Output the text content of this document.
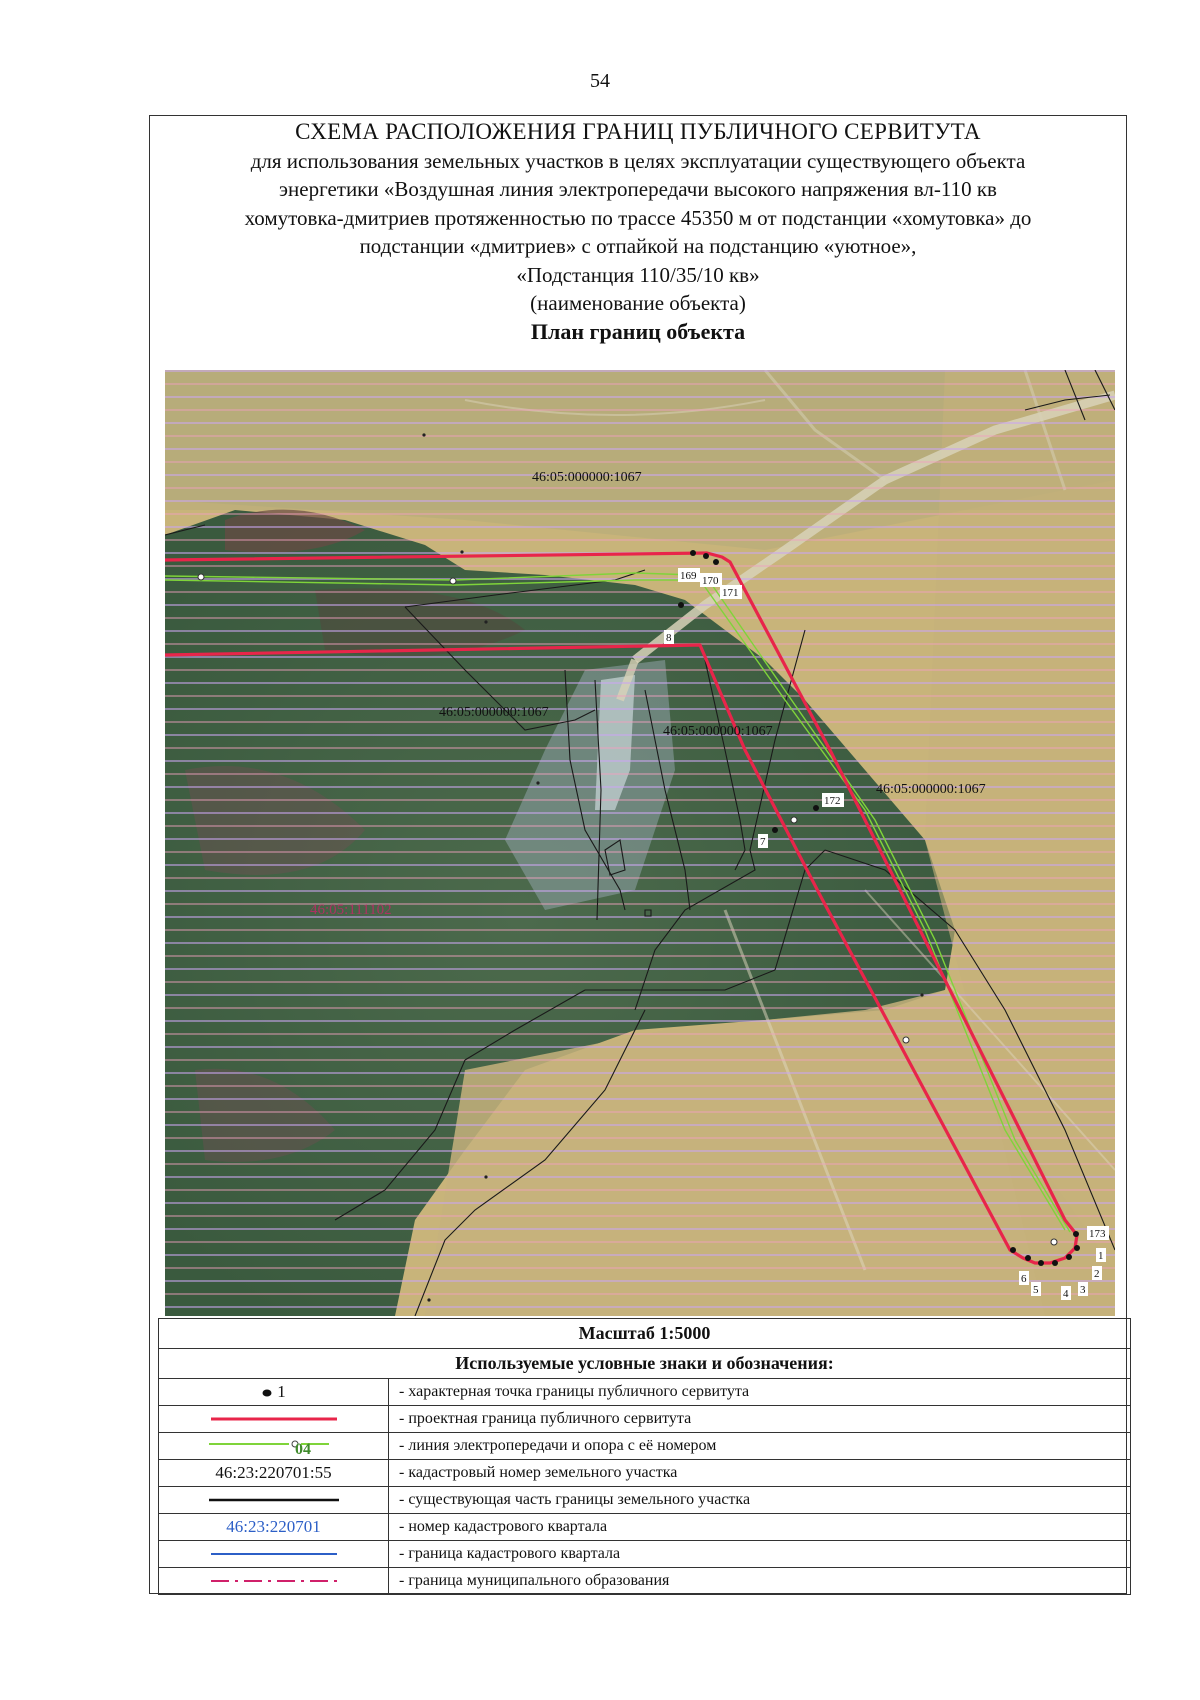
54
СХЕМА РАСПОЛОЖЕНИЯ ГРАНИЦ ПУБЛИЧНОГО СЕРВИТУТА
для использования земельных участков в целях эксплуатации существующего объекта
энергетики «Воздушная линия электропередачи высокого напряжения вл-110 кв
хомутовка-дмитриев протяженностью по трассе 45350 м от подстанции «хомутовка» до
подстанции «дмитриев» с отпайкой на подстанцию «уютное»,
«Подстанция 110/35/10 кв»
(наименование объекта)
План границ объекта
46:05:000000:1067
46:05:000000:1067
46:05:000000:1067
46:05:000000:1067
46:05:111102
169 170
171
8
172
7
173
1
2
3
4
5
6
Масштаб 1:5000	
Используемые условные знаки и обозначения:	
1	- характерная точка границы публичного сервитута
	- проектная граница публичного сервитута

04	- линия электропередачи и опора с её номером
46:23:220701:55	- кадастровый номер земельного участка
	- существующая часть границы земельного участка
46:23:220701	- номер кадастрового квартала
	- граница кадастрового квартала
	- граница муниципального образования
